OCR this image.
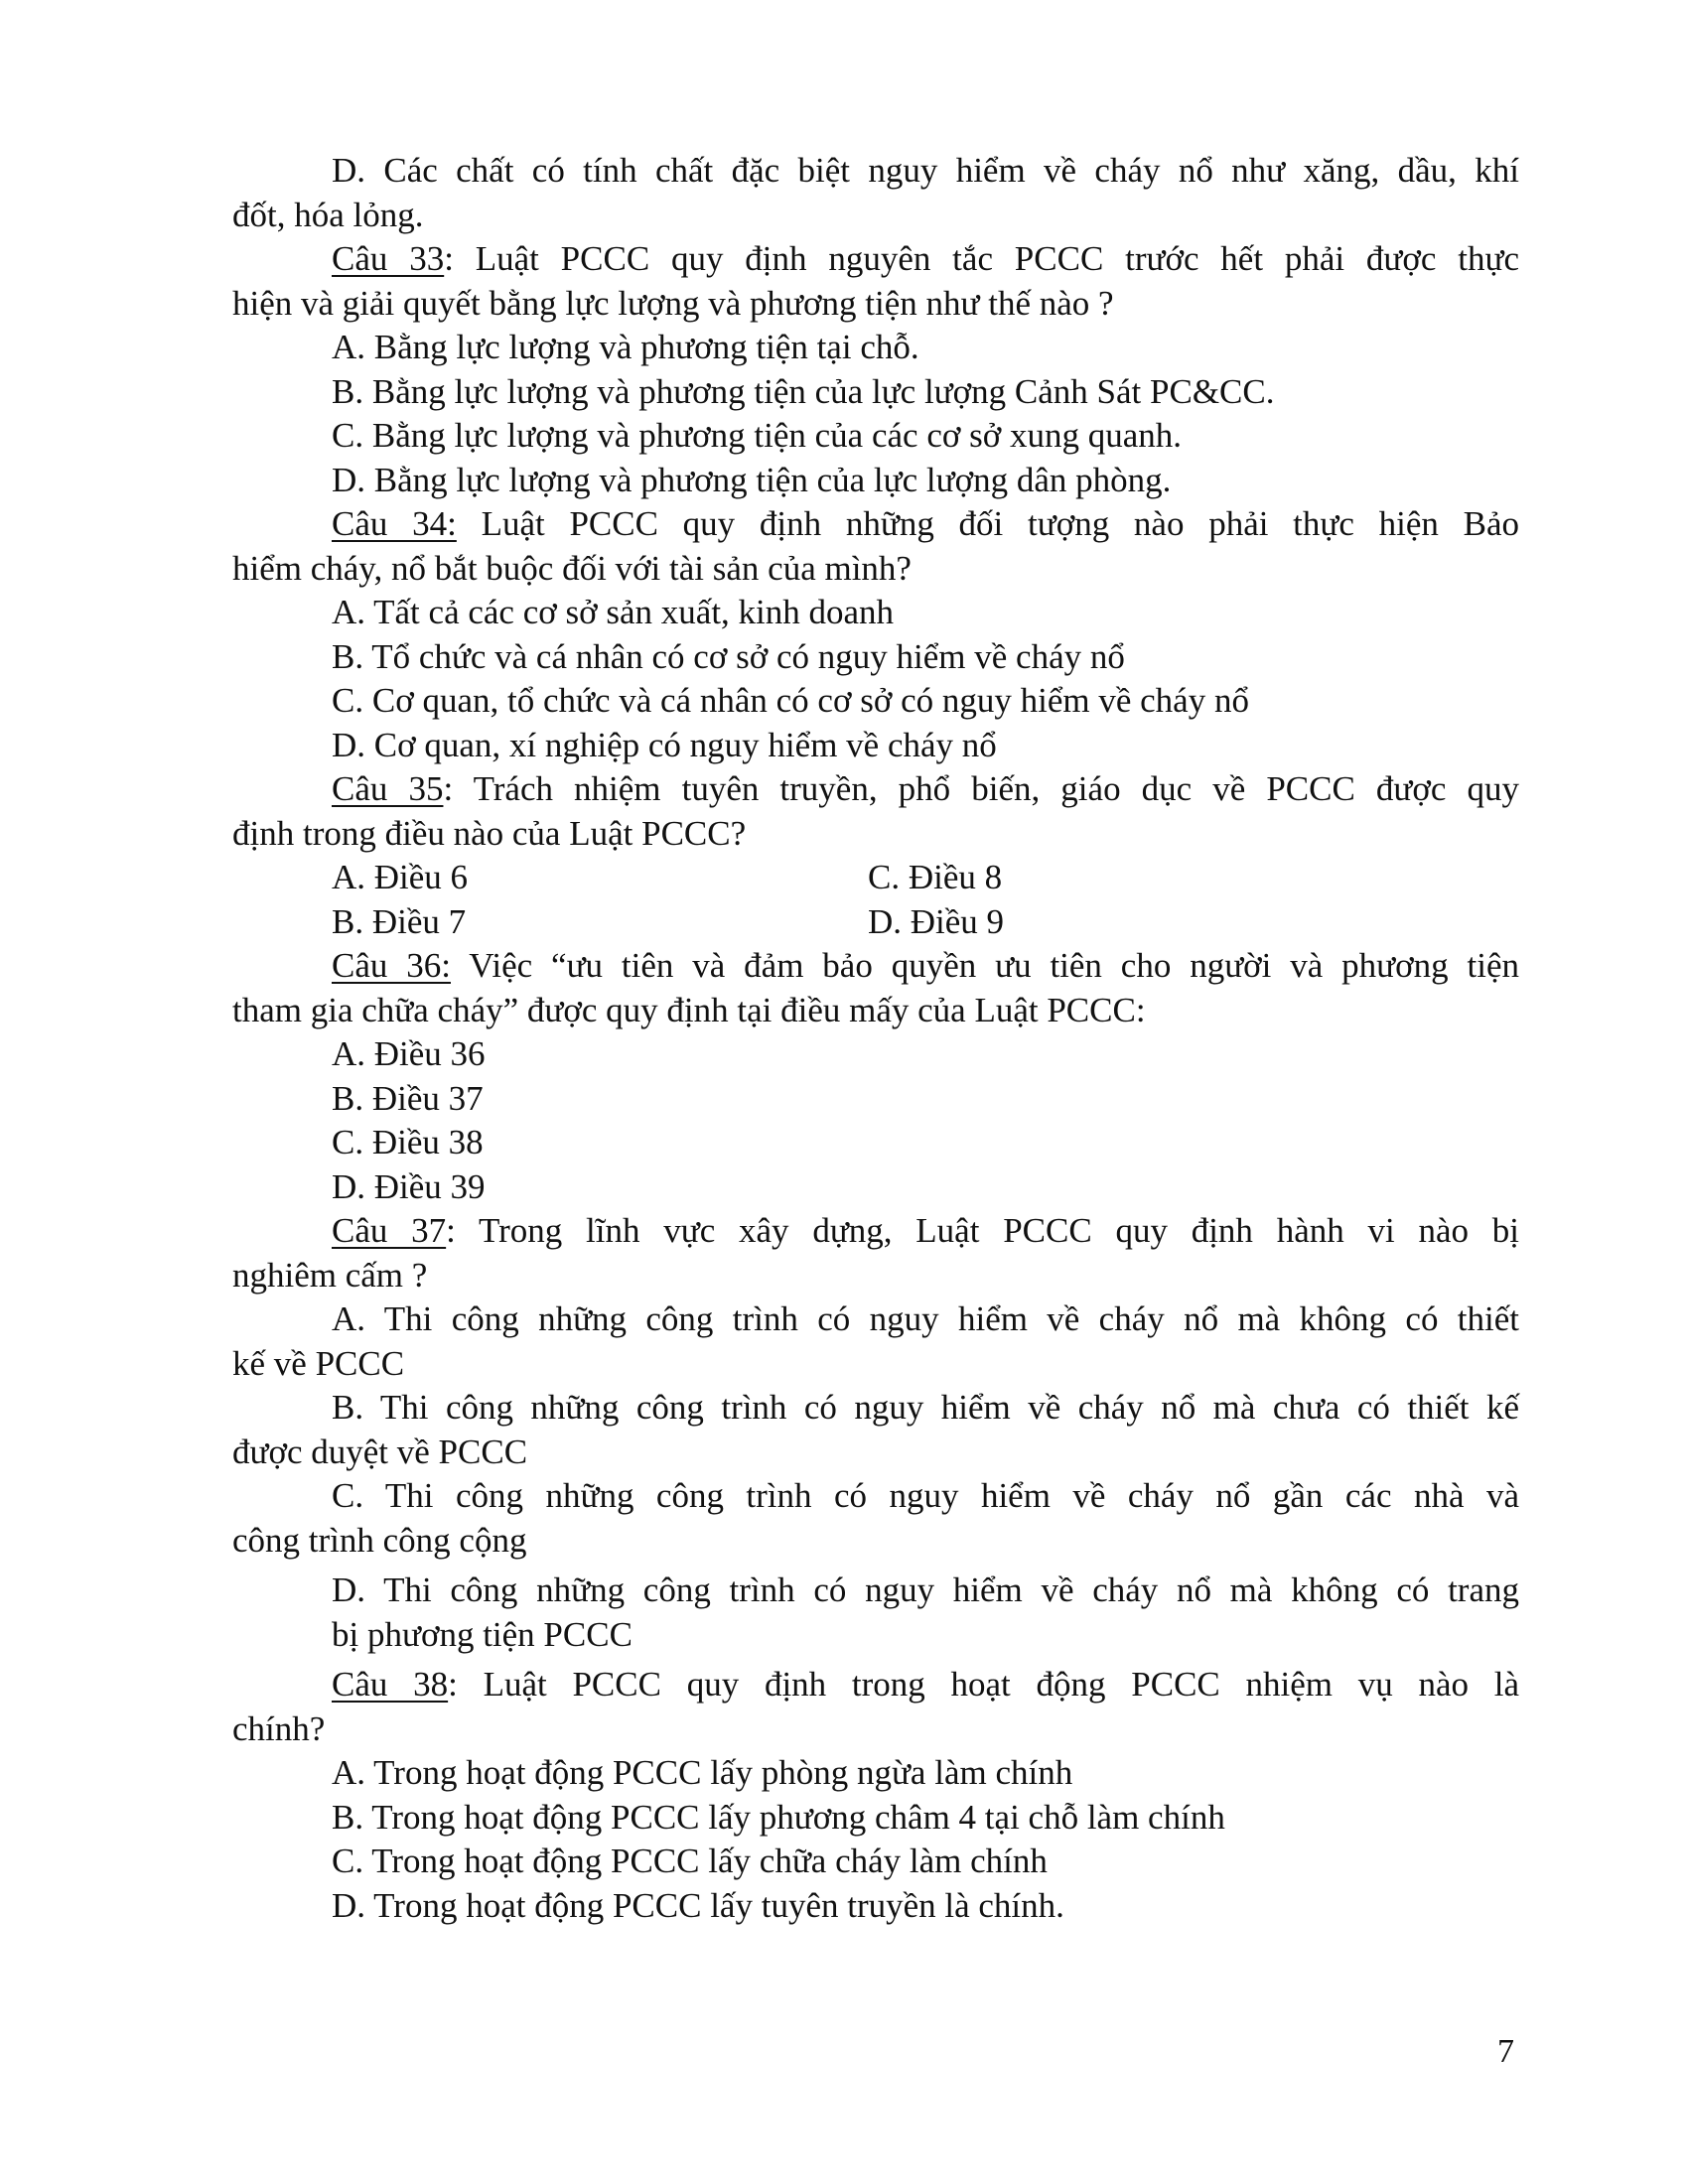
D. Các chất có tính chất đặc biệt nguy hiểm về cháy nổ như xăng, dầu, khí
đốt, hóa lỏng.
Câu 33: Luật PCCC quy định nguyên tắc PCCC trước hết phải được thực
hiện và giải quyết bằng lực lượng và phương tiện như thế nào ?
A. Bằng lực lượng và phương tiện tại chỗ.
B. Bằng lực lượng và phương tiện của lực lượng Cảnh Sát PC&CC.
C. Bằng lực lượng và phương tiện của các cơ sở xung quanh.
D. Bằng lực lượng và phương tiện của lực lượng dân phòng.
Câu 34: Luật PCCC quy định những đối tượng nào phải thực hiện Bảo
hiểm cháy, nổ bắt buộc đối với tài sản của mình?
A. Tất cả các cơ sở sản xuất, kinh doanh
B. Tổ chức và cá nhân có cơ sở có nguy hiểm về cháy nổ
C. Cơ quan, tổ chức và cá nhân có cơ sở có nguy hiểm về cháy nổ
D. Cơ quan, xí nghiệp có nguy hiểm về cháy nổ
Câu 35: Trách nhiệm tuyên truyền, phổ biến, giáo dục về PCCC được quy
định trong điều nào của Luật PCCC?
A. Điều 6	C. Điều 8
B. Điều 7	D. Điều 9
Câu 36: Việc “ưu tiên và đảm bảo quyền ưu tiên cho người và phương tiện
tham gia chữa cháy” được quy định tại điều mấy của Luật PCCC:
A. Điều 36
B. Điều 37
C. Điều 38
D. Điều 39
Câu 37: Trong lĩnh vực xây dựng, Luật PCCC quy định hành vi nào bị
nghiêm cấm ?
A. Thi công những công trình có nguy hiểm về cháy nổ mà không có thiết
kế về PCCC
B. Thi công những công trình có nguy hiểm về cháy nổ mà chưa có thiết kế
được duyệt về PCCC
C. Thi công những công trình có nguy hiểm về cháy nổ gần các nhà và
công trình công cộng
D. Thi công những công trình có nguy hiểm về cháy nổ mà không có trang
bị phương tiện PCCC
Câu 38: Luật PCCC quy định trong hoạt động PCCC nhiệm vụ nào là
chính?
A. Trong hoạt động PCCC lấy phòng ngừa làm chính
B. Trong hoạt động PCCC lấy phương châm 4 tại chỗ làm chính
C. Trong hoạt động PCCC lấy chữa cháy làm chính
D. Trong hoạt động PCCC lấy tuyên truyền là chính.
7
